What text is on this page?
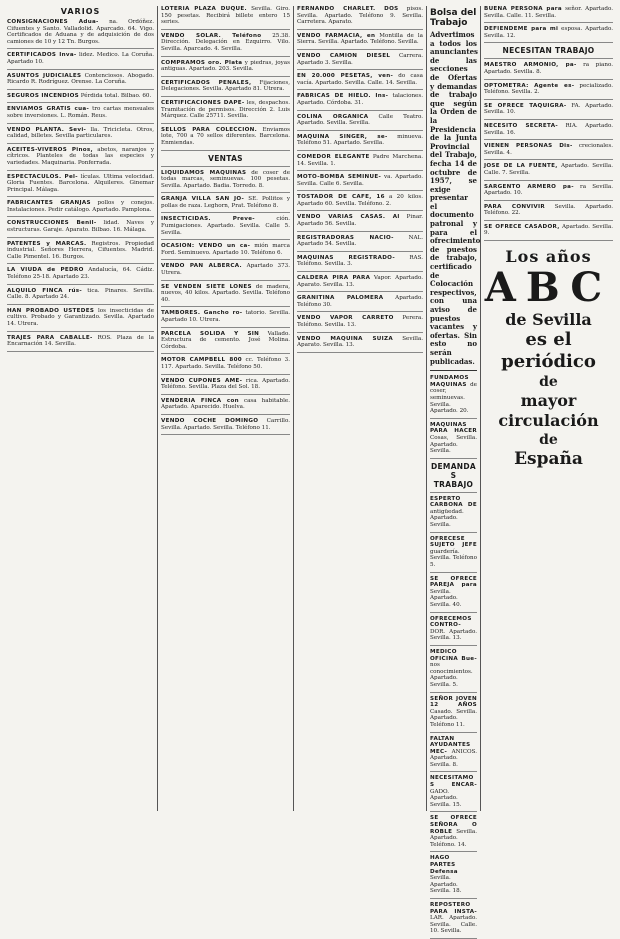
VARIOS
CONSIGNACIONES Adua- na. Ordóñez. Cifuentes y Santo. Valladolid. Aparcado. 64. Vigo. Certificados de Aduana y de adquisición de dos camiones de 10 y 12 Tn. Burgos.
CERTIFICADOS Inva- lidez. Medico. La Coruña. Apartado 10.
ASUNTOS JUDICIALES Contenciosos. Abogado. Ricardo R. Rodríguez. Orense. La Coruña.
SEGUROS INCENDIOS Pérdida total. Bilbao. 60.
ENVIAMOS GRATIS cua- tro cartas mensuales sobre inversiones. L. Román. Reus.
VENDO PLANTA. Sevi- lla. Tricicleta. Otros, calidad, billetes. Sevilla particulares.
ACEITES-VIVEROS Pinos, abetos, naranjos y cítricos. Planteles de todas las especies y variedades. Maquinaria. Ponferrada.
ESPECTACULOS. Pel- lículas. Ultima velocidad. Gloria Fuentes. Barcelona. Alquileres. Ginemar Principal. Málaga.
FABRICANTES GRANJAS pollos y conejos. Instalaciones. Pedir catálogo. Apartado. Pamplona.
CONSTRUCCIONES Benil- lidad. Naves y estructuras. Garaje. Aparato. Bilbao. 16. Málaga.
PATENTES y MARCAS. Registros. Propiedad industrial. Señores Herrera, Cifuentes. Madrid. Calle Pimentel. 16. Burgos.
LA VIUDA de PEDRO Andalucía, 64. Cádiz. Teléfono 25-18. Apartado 23.
ALQUILO FINCA rús- tica. Pinares. Sevilla. Calle. 8. Apartado 24.
HAN PROBADO USTEDES los insecticidas de cultivo. Probado y Garantizado. Sevilla. Apartado 14. Utrera.
TRAJES PARA CABALLE- ROS. Plaza de la Encarnación 14. Sevilla.
LOTERIA PLAZA DUQUE. Sevilla. Giro. 150 pesetas. Recibirá billete entero 15 series.
VENDO SOLAR. Teléfono 25.38. Dirección. Delegación en Ezquirro. Vilo. Sevilla. Aparcado. 4. Sevilla.
COMPRAMOS oro. Plata y piedras, joyas antiguas. Apartado. 203. Sevilla.
CERTIFICADOS PENALES, Fijaciones, Delegaciones. Sevilla. Apartado 81. Utrera.
CERTIFICACIONES DAPE- les, despachos. Tramitación de permisos. Dirección 2. Luis Márquez. Calle 25711. Sevilla.
SELLOS PARA COLECCION. Enviamos lote, 700 a 70 sellos diferentes. Barcelona. Enmiendas.
VENTAS
LIQUIDAMOS MAQUINAS de coser de todas marcas, seminuevas. 100 pesetas. Sevilla. Apartado. Badia. Torredo. 8.
GRANJA VILLA SAN JO- SE. Pollitos y pollas de raza. Leghorn, Prat. Teléfono 8.
INSECTICIDAS. Preve-	ción. Fumigaciones. Apartado. Sevilla. Calle 5. Sevilla.
OCASION: VENDO un ca- mión marca Ford. Seminuevo. Apartado 10. Teléfono 6.
VENDO PAN ALBERCA. Apartado 373. Utrera.
SE VENDEN SIETE LONES de madera, nuevos, 40 kilos. Apartado. Sevilla. Teléfono 40.
TAMBORES. Gancho ro- tatorio. Sevilla. Apartado 10. Utrera.
PARCELA SOLIDA Y SIN Vallado. Estructura de cemento. José Molina. Córdoba.
MOTOR CAMPBELL 800 cc. Teléfono 3. 117. Apartado. Sevilla. Teléfono 50.
VENDO CUPONES AME- rica. Apartado. Teléfono. Sevilla. Plaza del Sol. 18.
VENDERIA FINCA con casa habitable. Apartado. Aparecido. Huelva.
VENDO COCHE DOMINGO Carrillo. Sevilla. Apartado. Sevilla. Teléfono 11.
FERNANDO CHARLET. DOS pisos. Sevilla. Apartado. Teléfono 9. Sevilla. Carretera. Aparato.
VENDO FARMACIA, en Montilla de la Sierra. Sevilla. Apartado. Teléfono. Sevilla.
VENDO CAMION DIESEL Carrera. Apartado 3. Sevilla.
EN 20.000 PESETAS, ven- do casa vacía. Apartado. Sevilla. Calle. 14. Sevilla.
FABRICAS DE HIELO. Ins- talaciones. Apartado. Córdoba. 31.
COLINA ORGANICA Calle Teatro. Apartado. Sevilla. Sevilla.
MAQUINA SINGER, se- minueva. Teléfono 51. Apartado. Sevilla.
COMEDOR ELEGANTE Padre Marchena. 14. Sevilla. 1.
MOTO-BOMBA SEMINUE- va. Apartado. Sevilla. Calle 6. Sevilla.
TOSTADOR DE CAFE, 16 a 20 kilos. Apartado 60. Sevilla. Teléfono. 2.
VENDO VARIAS CASAS. Al Pinar. Apartado 56. Sevilla.
REGISTRADORAS NACIO-	NAL. Apartado 54. Sevilla.
MAQUINAS REGISTRADO-	RAS. Teléfono. Sevilla. 3.
CALDERA PIRA PARA Vapor. Apartado. Aparato. Sevilla. 13.
GRANITINA PALOMERA Apartado. Teléfono 30.
VENDO VAPOR CARRETO Perera. Teléfono. Sevilla. 13.
VENDO MAQUINA SUIZA Sevilla. Aparato. Sevilla. 13.
Bolsa del Trabajo
Advertimos a todos los anunciantes de las secciones de Ofertas y demandas de trabajo que según la Orden de la Presidencia de la Junta Provincial del Trabajo, fecha 14 de octubre de 1957, se exige presentar el documento patronal y para el ofrecimiento de puestos de trabajo, certificado de Colocación respectivos, con una aviso de puestos vacantes y ofertas. Sin esto no serán publicadas.
FUNDAMOS MAQUINAS de coser, seminuevas. Sevilla. Apartado. 20.
MAQUINAS PARA HACER Cosas, Sevilla. Apartado. Sevilla.
DEMANDAS TRABAJO
ESPERTO CARBONA DE antigüedad. Apartado. Sevilla.
OFRECESE SUJETO JEFE guardería. Sevilla. Teléfono 5.
SE OFRECE PAREJA para Sevilla. Apartado. Sevilla. 40.
OFRECEMOS CONTRO- DOR. Apartado. Sevilla. 13.
MEDICO OFICINA Bue- nos conocimientos. Apartado. Sevilla. 5.
SEÑOR JOVEN 12 AÑOS Casado. Sevilla. Apartado. Teléfono 11.
FALTAN AYUDANTES MEC- ANICOS. Apartado. Sevilla. 8.
NECESITAMOS ENCAR- GADO. Apartado. Sevilla. 15.
SE OFRECE SEÑORA O ROBLE Sevilla. Apartado. Teléfono. 14.
HAGO PARTES Defensa Sevilla. Apartado. Sevilla. 18.
REPOSTERO PARA INSTA- LAR. Apartado. Sevilla. Calle. 10. Sevilla.
BUENA PERSONA para señor. Apartado. Sevilla. Calle. 11. Sevilla.
DEFIENDEME para mi esposa. Apartado. Sevilla. 12.
NECESITAN TRABAJO
MAESTRO ARMONIO, pa- ra piano. Apartado. Sevilla. 8.
OPTOMETRA: Agente es- pecializado. Teléfono. Sevilla. 2.
SE OFRECE TAQUIGRA- FA. Apartado. Sevilla. 10.
NECESITO SECRETA- RIA. Apartado. Sevilla. 16.
VIENEN PERSONAS Dis- crecionales. Sevilla. 4.
JOSE DE LA FUENTE, Apartado. Sevilla. Calle. 7. Sevilla.
SARGENTO ARMERO pa- ra Sevilla. Apartado. 10.
PARA CONVIVIR Sevilla. Apartado. Teléfono. 22.
SE OFRECE CASADOR, Apartado. Sevilla. 9.
Los años
ABC
de Sevilla
es el
periódico
de
mayor
circulación
de
España
